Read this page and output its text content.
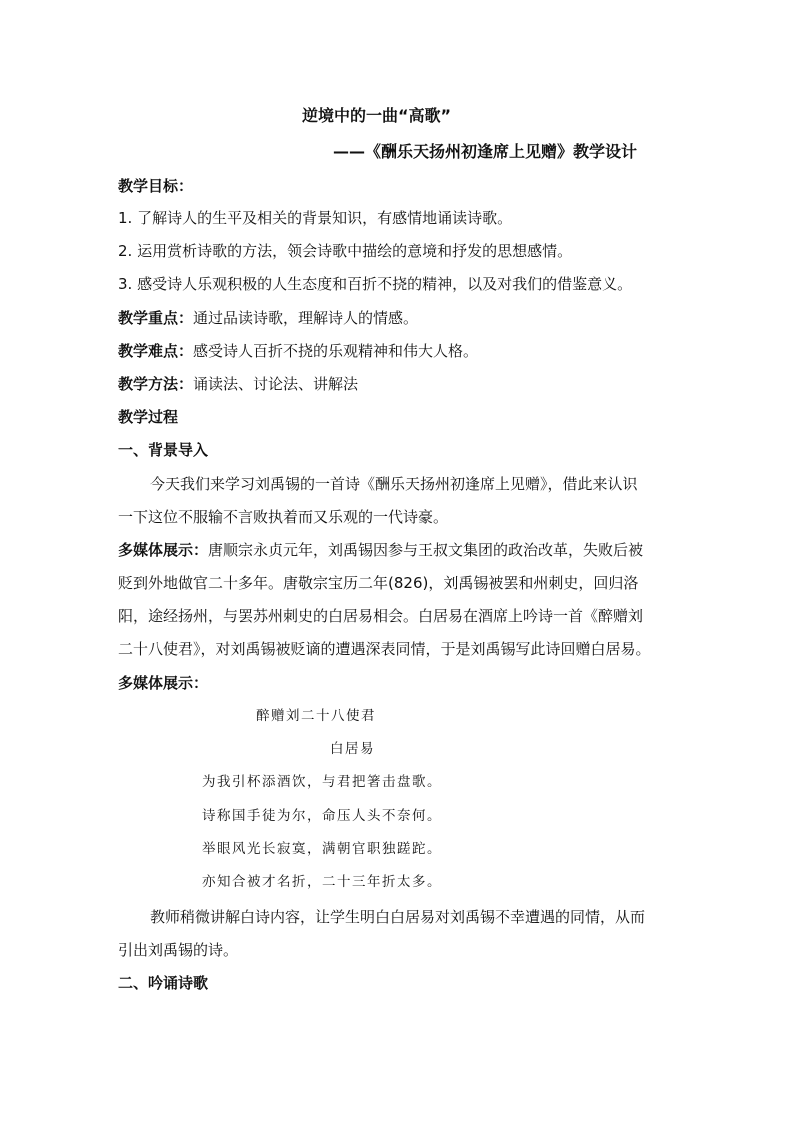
逆境中的一曲“高歌”
——《酬乐天扬州初逢席上见赠》教学设计
教学目标：
1. 了解诗人的生平及相关的背景知识，有感情地诵读诗歌。
2. 运用赏析诗歌的方法，领会诗歌中描绘的意境和抒发的思想感情。
3. 感受诗人乐观积极的人生态度和百折不挠的精神，以及对我们的借鉴意义。
教学重点：通过品读诗歌，理解诗人的情感。
教学难点：感受诗人百折不挠的乐观精神和伟大人格。
教学方法：诵读法、讨论法、讲解法
教学过程
一、背景导入
今天我们来学习刘禹锡的一首诗《酬乐天扬州初逢席上见赠》，借此来认识
一下这位不服输不言败执着而又乐观的一代诗豪。
多媒体展示：唐顺宗永贞元年，刘禹锡因参与王叔文集团的政治改革，失败后被
贬到外地做官二十多年。唐敬宗宝历二年(826)，刘禹锡被罢和州刺史，回归洛
阳，途经扬州，与罢苏州刺史的白居易相会。白居易在酒席上吟诗一首《醉赠刘
二十八使君》，对刘禹锡被贬谪的遭遇深表同情，于是刘禹锡写此诗回赠白居易。
多媒体展示：
醉赠刘二十八使君
白居易
为我引杯添酒饮，与君把箸击盘歌。
诗称国手徒为尔，命压人头不奈何。
举眼风光长寂寞，满朝官职独蹉跎。
亦知合被才名折，二十三年折太多。
教师稍微讲解白诗内容，让学生明白白居易对刘禹锡不幸遭遇的同情，从而
引出刘禹锡的诗。
二、吟诵诗歌
